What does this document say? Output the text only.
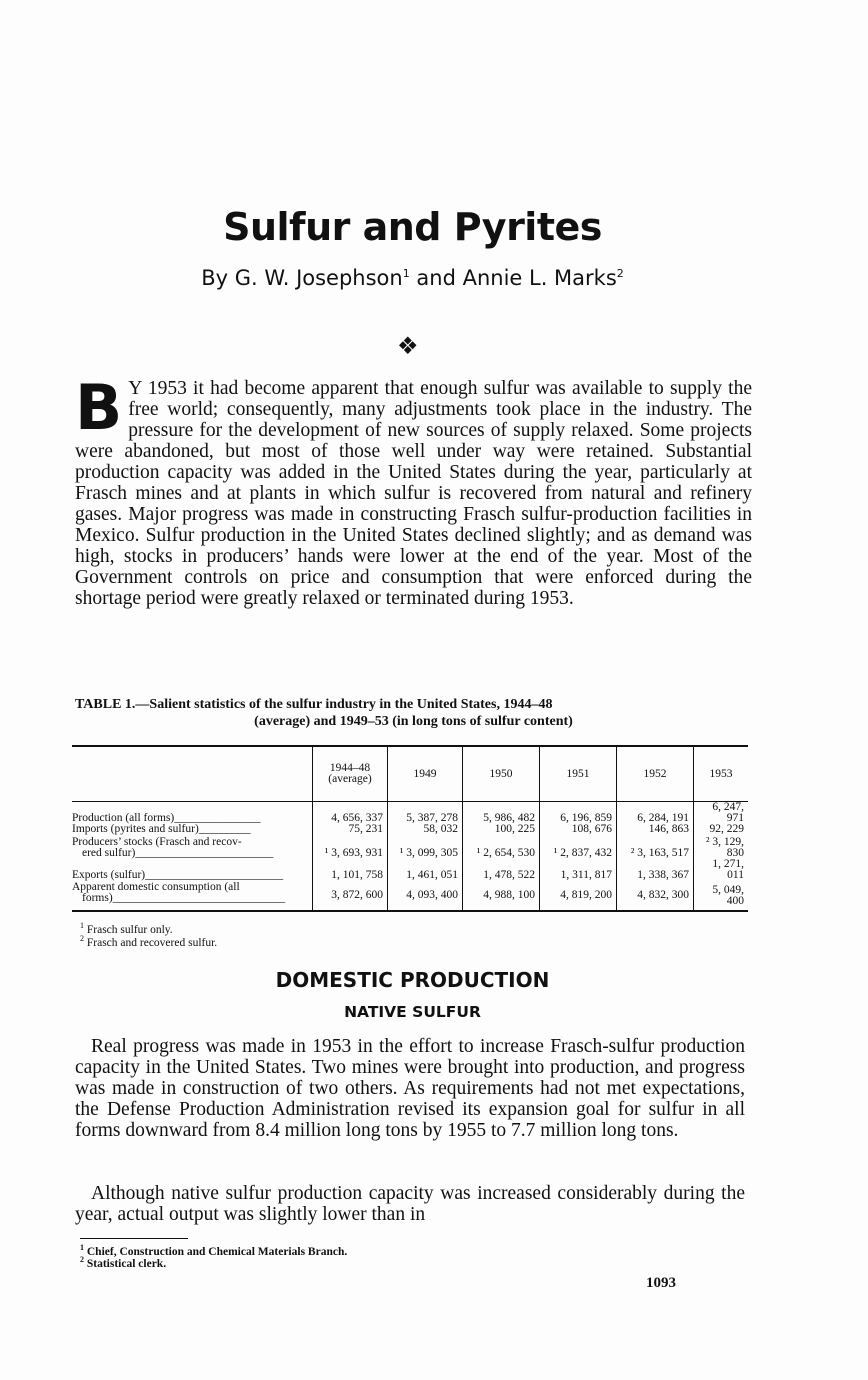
Sulfur and Pyrites
By G. W. Josephson$^1$ and Annie L. Marks$^2$
❖
B Y 1953 it had become apparent that enough sulfur was available to supply the free world; consequently, many adjustments took place in the industry. The pressure for the development of new sources of supply relaxed. Some projects were abandoned, but most of those well under way were retained. Substantial production capacity was added in the United States during the year, particularly at Frasch mines and at plants in which sulfur is recovered from natural and refinery gases. Major progress was made in constructing Frasch sulfur-production facilities in Mexico. Sulfur production in the United States declined slightly; and as demand was high, stocks in producers’ hands were lower at the end of the year. Most of the Government controls on price and consumption that were enforced during the shortage period were greatly relaxed or terminated during 1953.
TABLE 1.—Salient statistics of the sulfur industry in the United States, 1944–48
(average) and 1949–53 (in long tons of sulfur content)
	1944–48 (average)	1949	1950	1951	1952	1953
Production (all forms)_______________	4, 656, 337	5, 387, 278	5, 986, 482	6, 196, 859	6, 284, 191	6, 247, 971
Imports (pyrites and sulfur)_________	75, 231	58, 032	100, 225	108, 676	146, 863	92, 229
Producers’ stocks (Frasch and recov-
ered sulfur)________________________	¹ 3, 693, 931	¹ 3, 099, 305	¹ 2, 654, 530	¹ 2, 837, 432	² 3, 163, 517	² 3, 129, 830
Exports (sulfur)________________________	1, 101, 758	1, 461, 051	1, 478, 522	1, 311, 817	1, 338, 367	1, 271, 011
Apparent domestic consumption (all
forms)______________________________	3, 872, 600	4, 093, 400	4, 988, 100	4, 819, 200	4, 832, 300	5, 049, 400
$^1$ Frasch sulfur only.
$^2$ Frasch and recovered sulfur.
DOMESTIC PRODUCTION
NATIVE SULFUR
Real progress was made in 1953 in the effort to increase Frasch-sulfur production capacity in the United States. Two mines were brought into production, and progress was made in construction of two others. As requirements had not met expectations, the Defense Production Administration revised its expansion goal for sulfur in all forms downward from 8.4 million long tons by 1955 to 7.7 million long tons.
Although native sulfur production capacity was increased considerably during the year, actual output was slightly lower than in
$^1$ Chief, Construction and Chemical Materials Branch.
$^2$ Statistical clerk.
1093
